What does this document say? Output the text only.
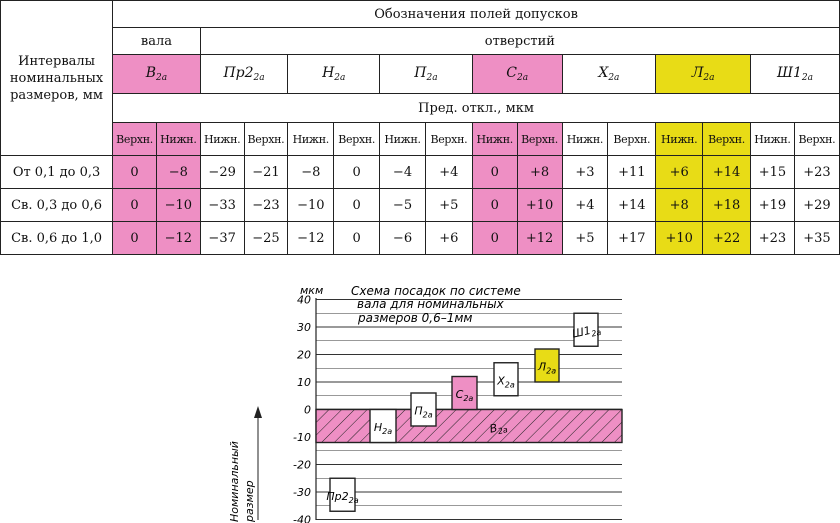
Интервалы номинальных размеров, мм	Обозначения полей допусков															
	вала		отверстий													
	$В_{2а}$		$Пр2_{2а}$		$Н_{2а}$		$П_{2а}$		$С_{2а}$		$Х_{2а}$		$Л_{2а}$		$Ш1_{2а}$
	Пред. откл., мкм															
	Верхн.	Нижн.	Нижн.	Верхн.	Нижн.	Верхн.	Нижн.	Верхн.	Нижн.	Верхн.	Нижн.	Верхн.	Нижн.	Верхн.	Нижн.	Верхн.
От 0,1 до 0,3	0	−8	−29	−21	−8	0	−4	+4	0	+8	+3	+11	+6	+14	+15	+23
Св. 0,3 до 0,6	0	−10	−33	−23	−10	0	−5	+5	0	+10	+4	+14	+8	+18	+19	+29
Св. 0,6 до 1,0	0	−12	−37	−25	−12	0	−6	+6	0	+12	+5	+17	+10	+22	+23	+35
мкм Схема посадок по системе
вала для номинальных
размеров 0,6–1мм
40
30
20
10
0
-10
-20
-30
-40
$В_{2а}$
$Н_{2а}$
$П_{2а}$
$С_{2а}$
$Х_{2а}$
$Л_{2а}$
$Ш1_{2а}$
$Пр2_{2а}$
Номинальный размер
